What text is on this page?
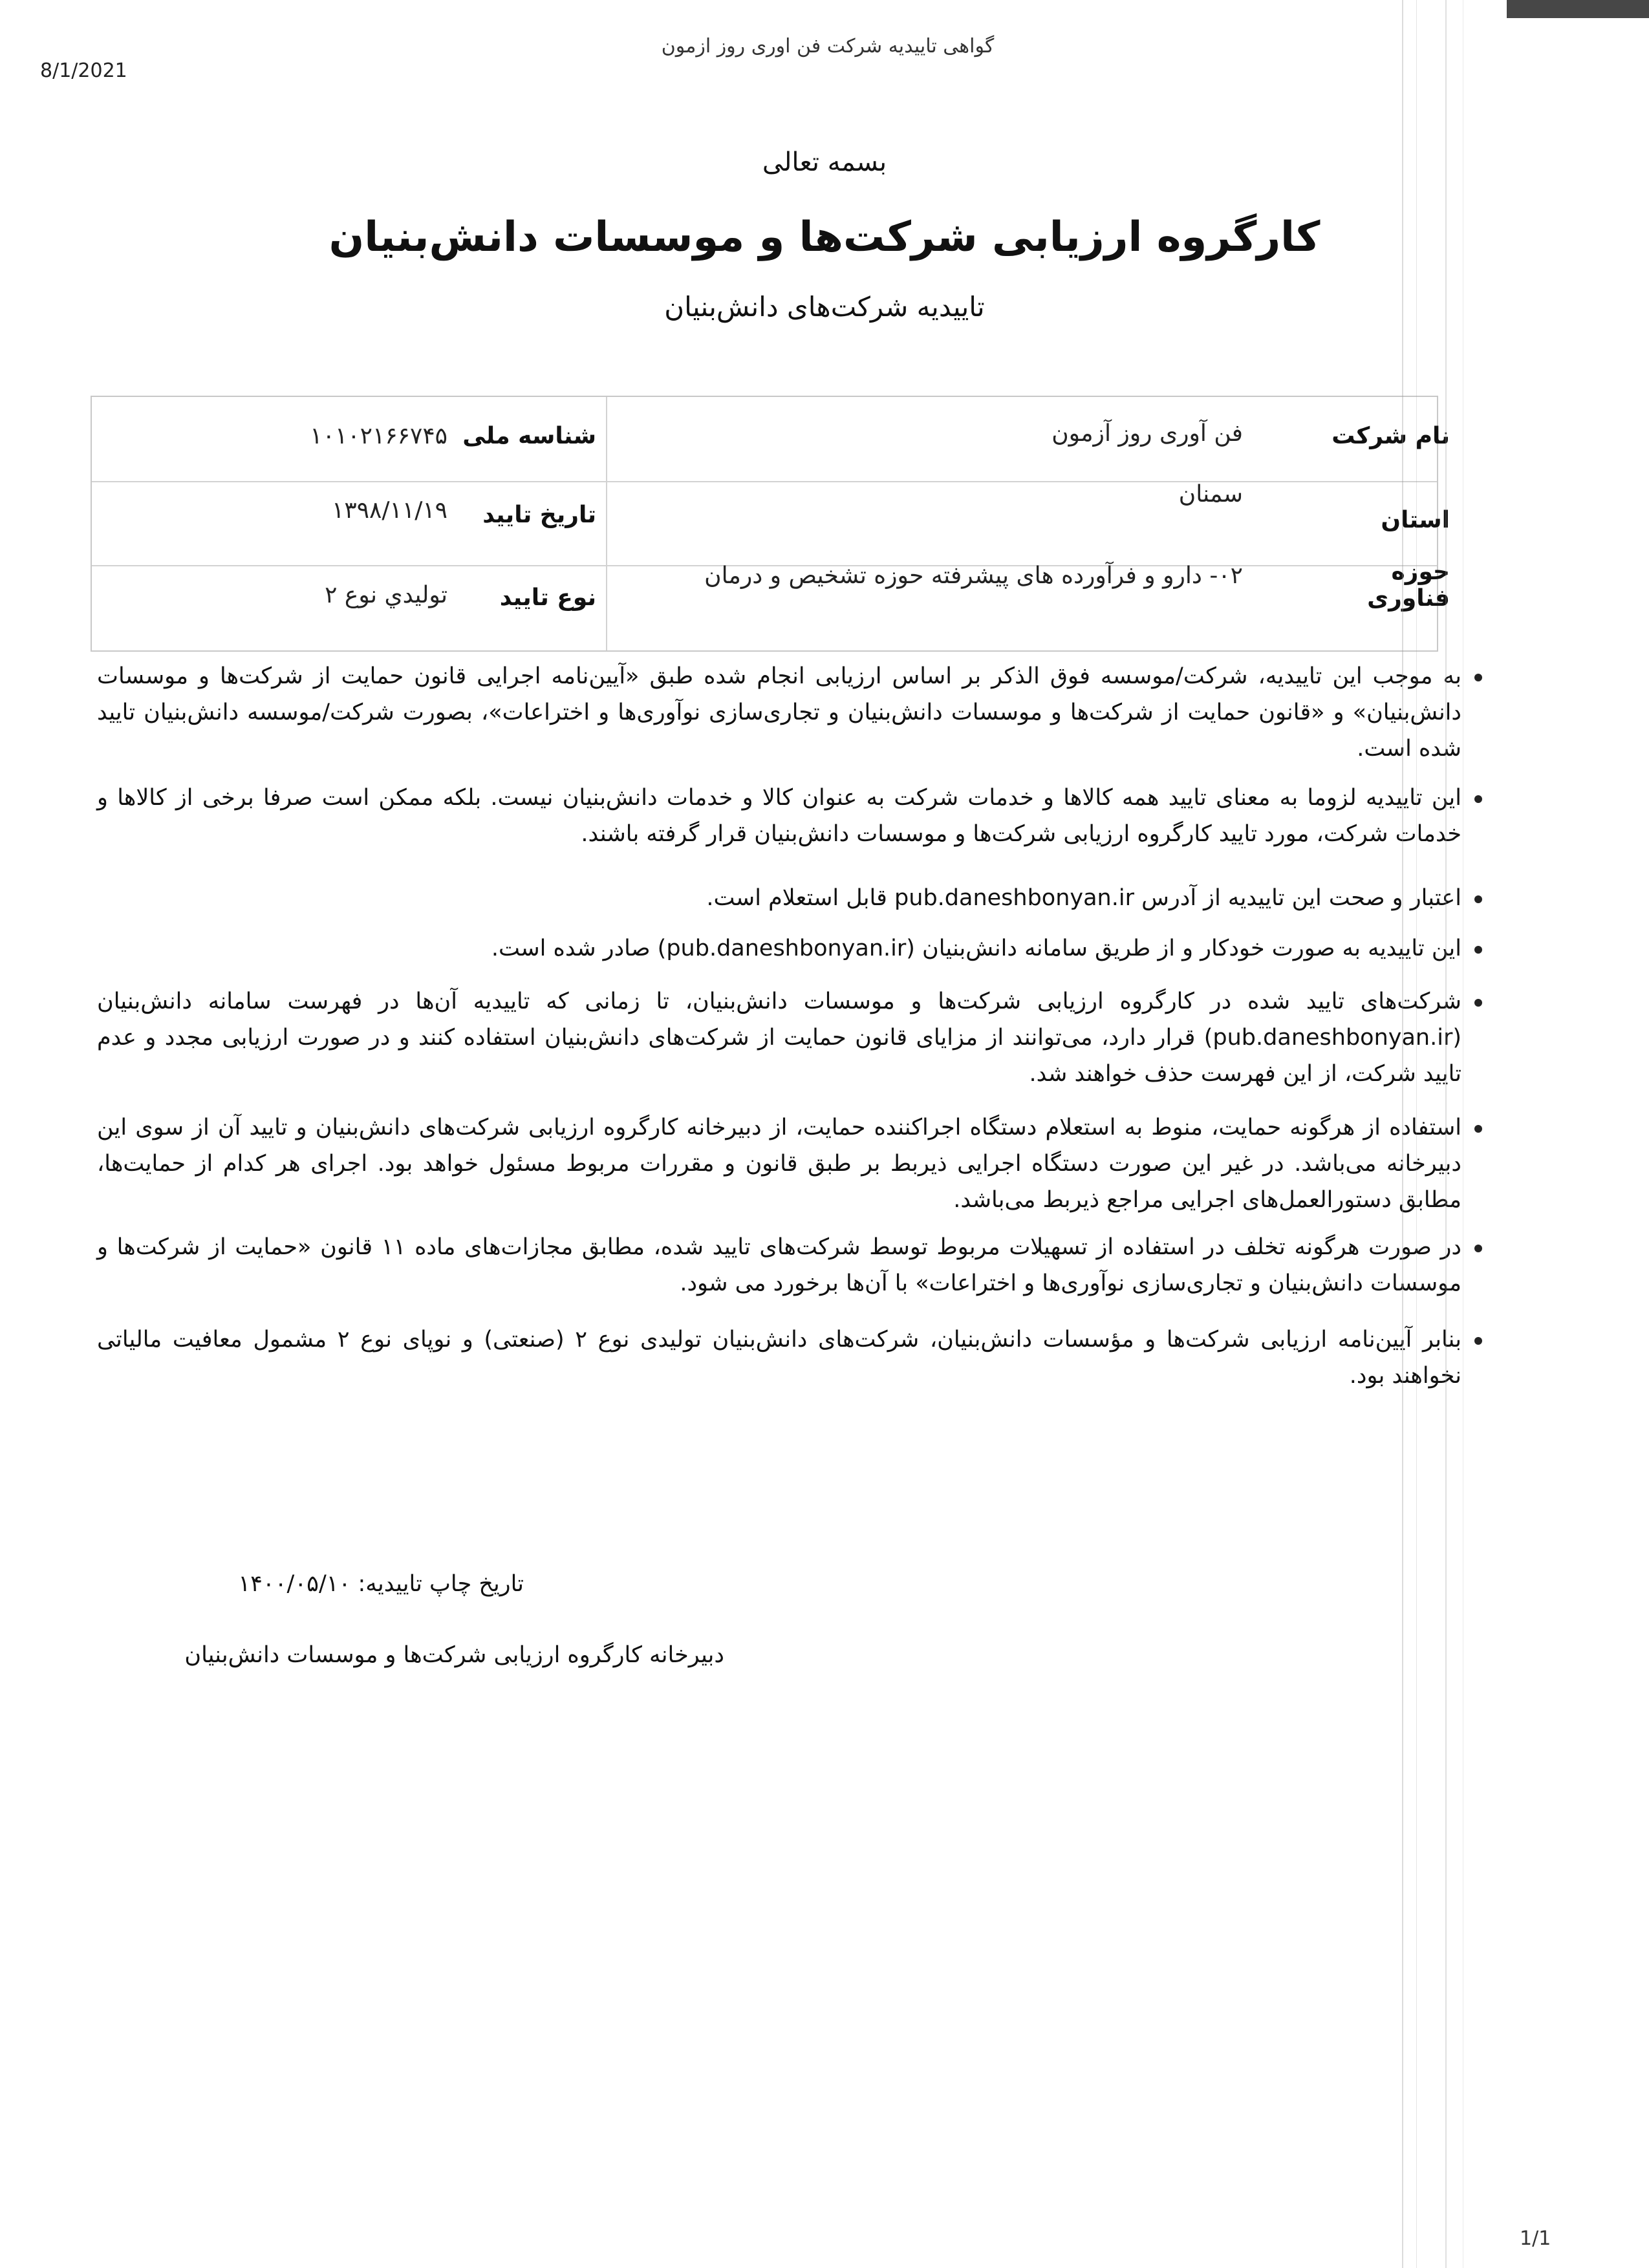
8/1/2021
گواهی تاییدیه شرکت فن اوری روز ازمون
1/1
بسمه تعالی
کارگروه ارزیابی شرکت‌ها و موسسات دانش‌بنیان
تاییدیه شرکت‌های دانش‌بنیان
نام شرکت
فن آوری روز آزمون
استان
سمنان
حوزه فناوری
۰۲- دارو و فرآورده های پیشرفته حوزه تشخیص و درمان
شناسه ملی
۱۰۱۰۲۱۶۶۷۴۵
تاریخ تایید
۱۳۹۸/۱۱/۱۹
نوع تایید
توليدي نوع ۲
به موجب این تاییدیه، شرکت/موسسه فوق الذکر بر اساس ارزیابی انجام شده طبق «آیین‌نامه اجرایی قانون حمایت از شرکت‌ها و موسسات دانش‌بنیان» و «قانون حمایت از شرکت‌ها و موسسات دانش‌بنیان و تجاری‌سازی نوآوری‌ها و اختراعات»، بصورت شرکت/موسسه دانش‌بنیان تایید شده است.
این تاییدیه لزوما به معنای تایید همه کالاها و خدمات شرکت به عنوان کالا و خدمات دانش‌بنیان نیست. بلکه ممکن است صرفا برخی از کالاها و خدمات شرکت، مورد تایید کارگروه ارزیابی شرکت‌ها و موسسات دانش‌بنیان قرار گرفته باشند.
اعتبار و صحت این تاییدیه از آدرس pub.daneshbonyan.ir قابل استعلام است.
این تاییدیه به صورت خودکار و از طریق سامانه دانش‌بنیان (pub.daneshbonyan.ir) صادر شده است.
شرکت‌های تایید شده در کارگروه ارزیابی شرکت‌ها و موسسات دانش‌بنیان، تا زمانی که تاییدیه آن‌ها در فهرست سامانه دانش‌بنیان (pub.daneshbonyan.ir) قرار دارد، می‌توانند از مزایای قانون حمایت از شرکت‌های دانش‌بنیان استفاده کنند و در صورت ارزیابی مجدد و عدم تایید شرکت، از این فهرست حذف خواهند شد.
استفاده از هرگونه حمایت، منوط به استعلام دستگاه اجراکننده حمایت، از دبیرخانه کارگروه ارزیابی شرکت‌های دانش‌بنیان و تایید آن از سوی این دبیرخانه می‌باشد. در غیر این صورت دستگاه اجرایی ذیربط بر طبق قانون و مقررات مربوط مسئول خواهد بود. اجرای هر کدام از حمایت‌ها، مطابق دستورالعمل‌های اجرایی مراجع ذیربط می‌باشد.
در صورت هرگونه تخلف در استفاده از تسهیلات مربوط توسط شرکت‌های تایید شده، مطابق مجازات‌های ماده ۱۱ قانون «حمایت از شرکت‌ها و موسسات دانش‌بنیان و تجاری‌سازی نوآوری‌ها و اختراعات» با آن‌ها برخورد می شود.
بنابر آیین‌نامه ارزیابی شرکت‌ها و مؤسسات دانش‌بنیان، شرکت‌های دانش‌بنیان تولیدی نوع ۲ (صنعتی) و نوپای نوع ۲ مشمول معافیت مالیاتی نخواهند بود.
تاریخ چاپ تاییدیه: ۱۴۰۰/۰۵/۱۰
دبیرخانه کارگروه ارزیابی شرکت‌ها و موسسات دانش‌بنیان
